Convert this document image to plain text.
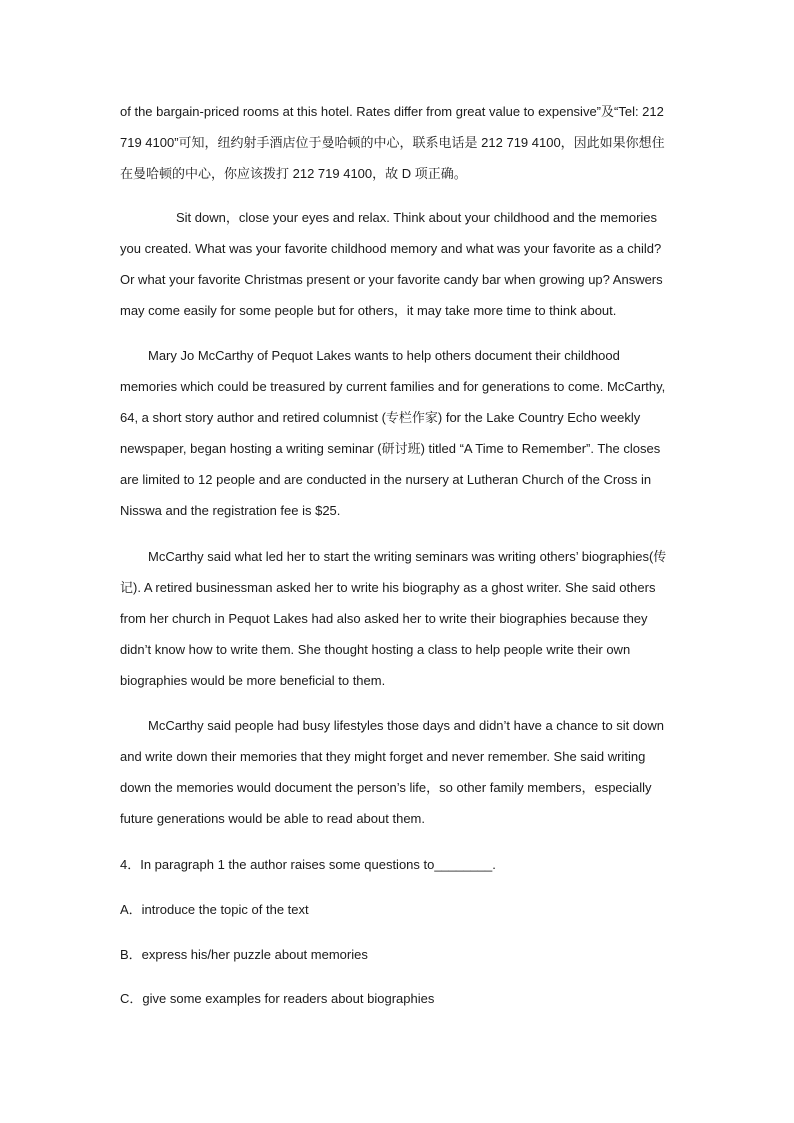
of the bargain-priced rooms at this hotel. Rates differ from great value to expensive”及“Tel: 212 719 4100”可知，纽约射手酒店位于曼哈顿的中心，联系电话是 212 719 4100，因此如果你想住在曼哈顿的中心，你应该拨打 212 719 4100，故 D 项正确。

Sit down，close your eyes and relax. Think about your childhood and the memories you created. What was your favorite childhood memory and what was your favorite as a child? Or what your favorite Christmas present or your favorite candy bar when growing up? Answers may come easily for some people but for others，it may take more time to think about.

Mary Jo McCarthy of Pequot Lakes wants to help others document their childhood memories which could be treasured by current families and for generations to come. McCarthy, 64, a short story author and retired columnist (专栏作家) for the Lake Country Echo weekly newspaper, began hosting a writing seminar (研讨班) titled “A Time to Remember”. The closes are limited to 12 people and are conducted in the nursery at Lutheran Church of the Cross in Nisswa and the registration fee is $25.

McCarthy said what led her to start the writing seminars was writing others’ biographies(传记). A retired businessman asked her to write his biography as a ghost writer. She said others from her church in Pequot Lakes had also asked her to write their biographies because they didn’t know how to write them. She thought hosting a class to help people write their own biographies would be more beneficial to them.

McCarthy said people had busy lifestyles those days and didn’t have a chance to sit down and write down their memories that they might forget and never remember. She said writing down the memories would document the person’s life，so other family members，especially future generations would be able to read about them.

4．In paragraph 1 the author raises some questions to________.

A．introduce the topic of the text

B．express his/her puzzle about memories

C．give some examples for readers about biographies
